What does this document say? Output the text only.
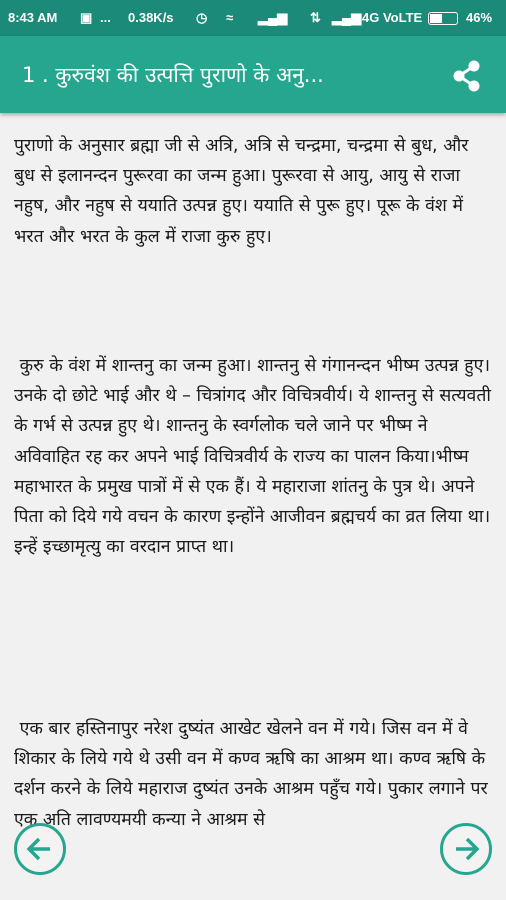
8:43 AM ▣ ... 0.38K/s ◷ ≈ ▂▄▆ ⇅ ▂▄▆ 4G VoLTE	46%
1 . कुरुवंश की उत्पत्ति पुराणो के अनु...

पुराणो के अनुसार ब्रह्मा जी से अत्रि, अत्रि से चन्द्रमा, चन्द्रमा से बुध, और बुध से इलानन्दन पुरूरवा का जन्म हुआ। पुरूरवा से आयु, आयु से राजा नहुष, और नहुष से ययाति उत्पन्न हुए। ययाति से पुरू हुए। पूरू के वंश में भरत और भरत के कुल में राजा कुरु हुए।

कुरु के वंश में शान्तनु का जन्म हुआ। शान्तनु से गंगानन्दन भीष्म उत्पन्न हुए। उनके दो छोटे भाई और थे – चित्रांगद और विचित्रवीर्य। ये शान्तनु से सत्यवती के गर्भ से उत्पन्न हुए थे। शान्तनु के स्वर्गलोक चले जाने पर भीष्म ने अविवाहित रह कर अपने भाई विचित्रवीर्य के राज्य का पालन किया।भीष्म महाभारत के प्रमुख पात्रों में से एक हैं। ये महाराजा शांतनु के पुत्र थे। अपने पिता को दिये गये वचन के कारण इन्होंने आजीवन ब्रह्मचर्य का व्रत लिया था। इन्हें इच्छामृत्यु का वरदान प्राप्त था।

एक बार हस्तिनापुर नरेश दुष्यंत आखेट खेलने वन में गये। जिस वन में वे शिकार के लिये गये थे उसी वन में कण्व ऋषि का आश्रम था। कण्व ऋषि के दर्शन करने के लिये महाराज दुष्यंत उनके आश्रम पहुँच गये। पुकार लगाने पर एक अति लावण्यमयी कन्या ने आश्रम से
